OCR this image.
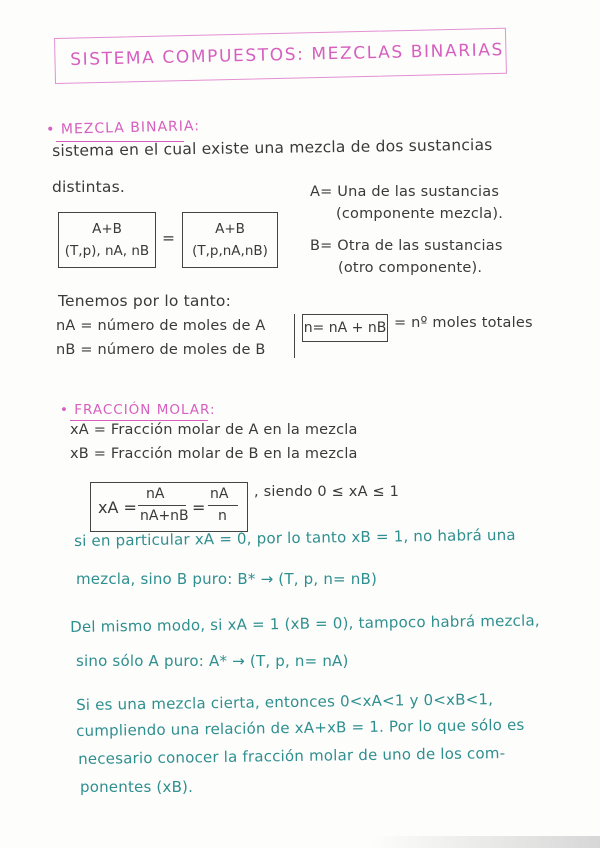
SISTEMA COMPUESTOS: MEZCLAS BINARIAS
• MEZCLA BINARIA:
sistema en el cual existe una mezcla de dos sustancias
distintas.
A+B
(T,p), nA, nB
=	A+B
(T,p,nA,nB)
A= Una de las sustancias
(componente mezcla).
B= Otra de las sustancias
(otro componente).
Tenemos por lo tanto:
nA = número de moles de A
nB = número de moles de B
n= nA + nB = nº moles totales
• FRACCIÓN MOLAR:
xA = Fracción molar de A en la mezcla
xB = Fracción molar de B en la mezcla
xA =
nA
nA+nB =
nA
n
, siendo 0 ≤ xA ≤ 1
si en particular xA = 0, por lo tanto xB = 1, no habrá una
mezcla, sino B puro: B* → (T, p, n= nB)
Del mismo modo, si xA = 1 (xB = 0), tampoco habrá mezcla,
sino sólo A puro: A* → (T, p, n= nA)
Si es una mezcla cierta, entonces 0<xA<1 y 0<xB<1,
cumpliendo una relación de xA+xB = 1. Por lo que sólo es
necesario conocer la fracción molar de uno de los com-
ponentes (xB).
